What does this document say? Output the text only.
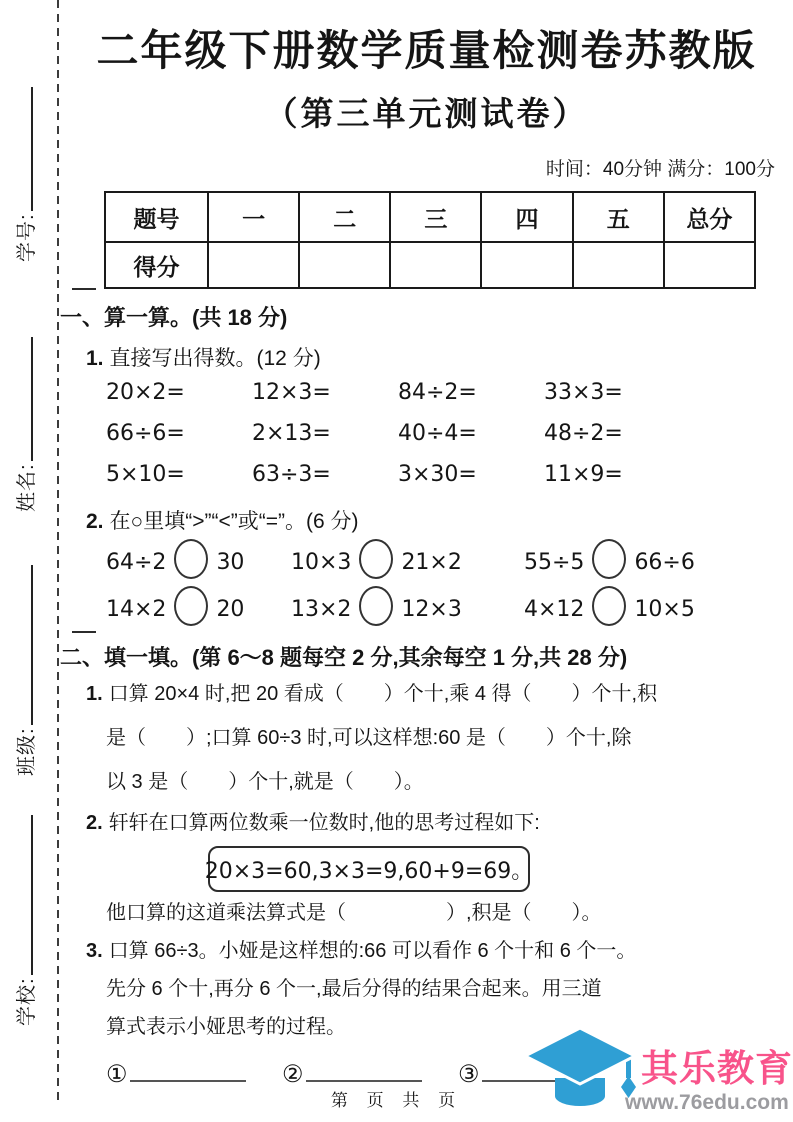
学号:
姓名:
班级:
学校:
二年级下册数学质量检测卷苏教版
（第三单元测试卷）
时间：40分钟 满分：100分
题号	一	二	三	四	五	总分
得分						
一、算一算。(共 18 分)
1. 直接写出得数。(12 分)
20×2=	12×3=	84÷2=	33×3=
66÷6=	2×13=	40÷4=	48÷2=
5×10=	63÷3=	3×30=	11×9=
2. 在○里填“>”“<”或“=”。(6 分)
64÷2 30	10×3 21×2	55÷5 66÷6
14×2 20	13×2 12×3	4×12 10×5
二、填一填。(第 6～8 题每空 2 分,其余每空 1 分,共 28 分)
1. 口算 20×4 时,把 20 看成（　　）个十,乘 4 得（　　）个十,积
是（　　）;口算 60÷3 时,可以这样想:60 是（　　）个十,除
以 3 是（　　）个十,就是（　　）。
2. 轩轩在口算两位数乘一位数时,他的思考过程如下:
20×3=60,3×3=9,60+9=69。
他口算的这道乘法算式是（　　　　　）,积是（　　）。
3. 口算 66÷3。小娅是这样想的:66 可以看作 6 个十和 6 个一。
先分 6 个十,再分 6 个一,最后分得的结果合起来。用三道
算式表示小娅思考的过程。
①	②	③
第 页 共 页
其乐教育
www.76edu.com
